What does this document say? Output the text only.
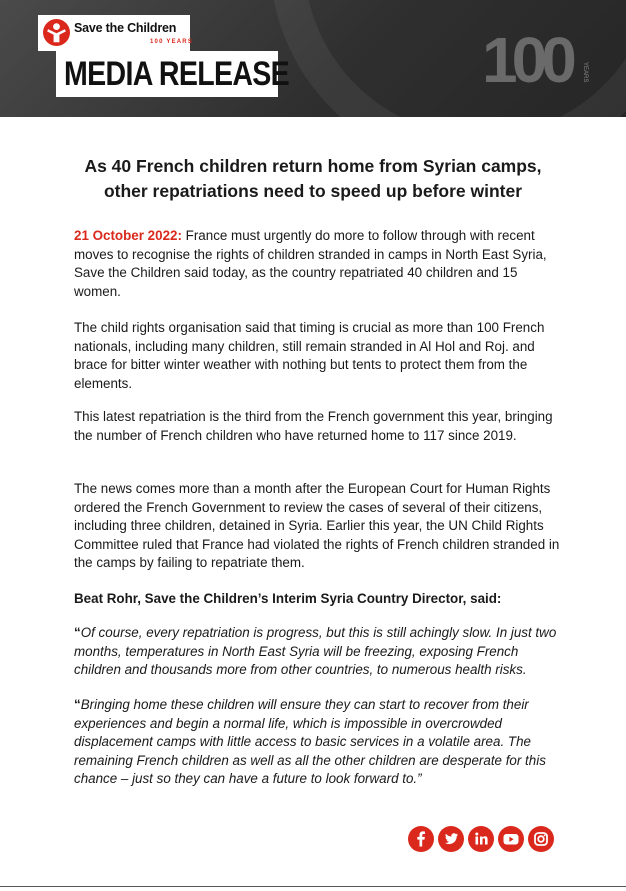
Save the Children
100 YEARS
MEDIA RELEASE	100	YEARS
As 40 French children return home from Syrian camps,
other repatriations need to speed up before winter

21 October 2022: France must urgently do more to follow through with recent moves to recognise the rights of children stranded in camps in North East Syria, Save the Children said today, as the country repatriated 40 children and 15 women.

The child rights organisation said that timing is crucial as more than 100 French nationals, including many children, still remain stranded in Al Hol and Roj. and brace for bitter winter weather with nothing but tents to protect them from the elements.

This latest repatriation is the third from the French government this year, bringing the number of French children who have returned home to 117 since 2019.

The news comes more than a month after the European Court for Human Rights ordered the French Government to review the cases of several of their citizens, including three children, detained in Syria. Earlier this year, the UN Child Rights Committee ruled that France had violated the rights of French children stranded in the camps by failing to repatriate them.

Beat Rohr, Save the Children’s Interim Syria Country Director, said:

“Of course, every repatriation is progress, but this is still achingly slow. In just two months, temperatures in North East Syria will be freezing, exposing French children and thousands more from other countries, to numerous health risks.

“Bringing home these children will ensure they can start to recover from their experiences and begin a normal life, which is impossible in overcrowded displacement camps with little access to basic services in a volatile area. The remaining French children as well as all the other children are desperate for this chance – just so they can have a future to look forward to.”
